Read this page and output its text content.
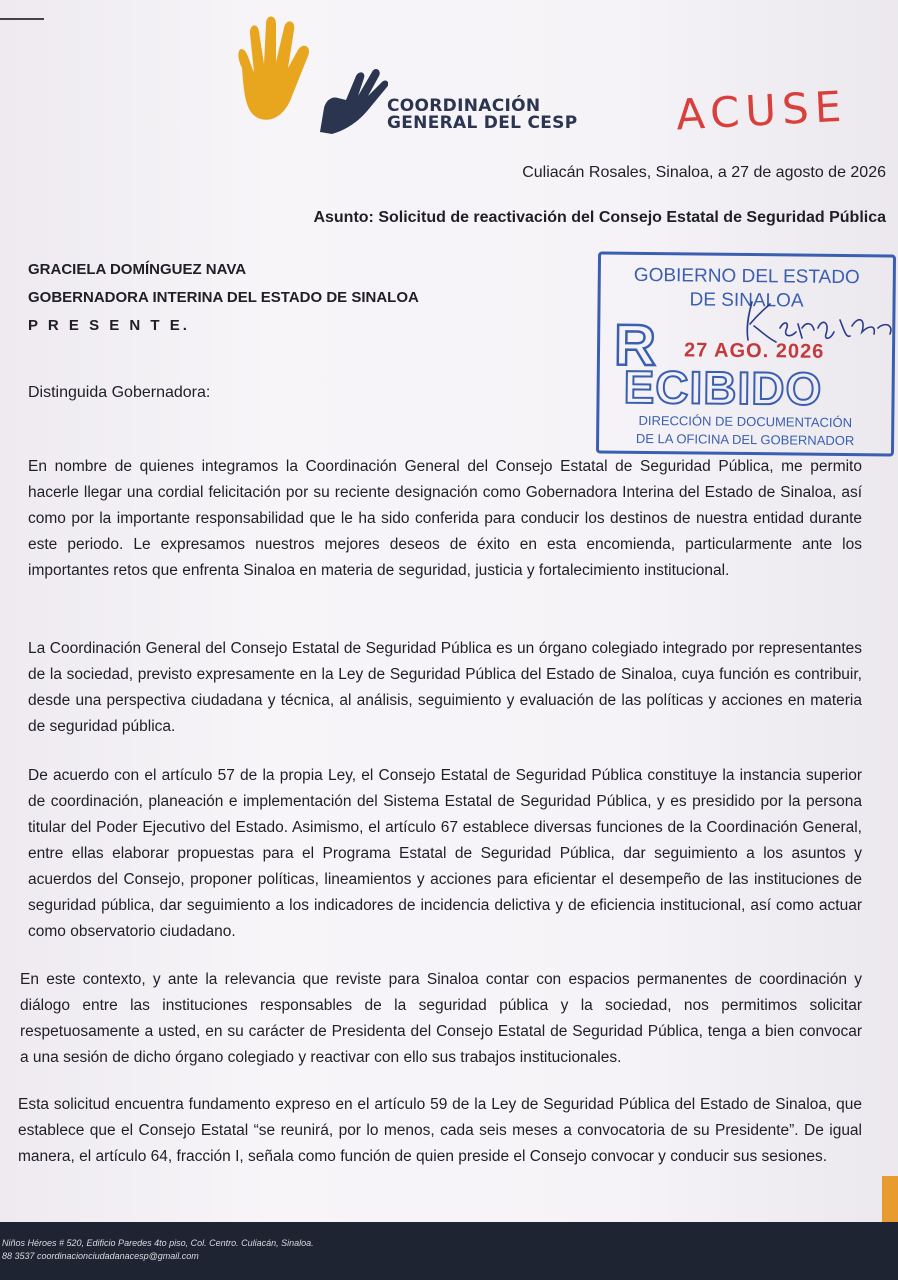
COORDINACIÓN
GENERAL DEL CESP ACUSE
Culiacán Rosales, Sinaloa, a 27 de agosto de 2026
Asunto: Solicitud de reactivación del Consejo Estatal de Seguridad Pública
GRACIELA DOMÍNGUEZ NAVA
GOBERNADORA INTERINA DEL ESTADO DE SINALOA
P R E S E N T E.
GOBIERNO DEL ESTADO
DE SINALOA
R 27 AGO. 2026
ECIBIDO
DIRECCIÓN DE DOCUMENTACIÓN
DE LA OFICINA DEL GOBERNADOR
Distinguida Gobernadora:

En nombre de quienes integramos la Coordinación General del Consejo Estatal de Seguridad Pública, me permito hacerle llegar una cordial felicitación por su reciente designación como Gobernadora Interina del Estado de Sinaloa, así como por la importante responsabilidad que le ha sido conferida para conducir los destinos de nuestra entidad durante este periodo. Le expresamos nuestros mejores deseos de éxito en esta encomienda, particularmente ante los importantes retos que enfrenta Sinaloa en materia de seguridad, justicia y fortalecimiento institucional.

La Coordinación General del Consejo Estatal de Seguridad Pública es un órgano colegiado integrado por representantes de la sociedad, previsto expresamente en la Ley de Seguridad Pública del Estado de Sinaloa, cuya función es contribuir, desde una perspectiva ciudadana y técnica, al análisis, seguimiento y evaluación de las políticas y acciones en materia de seguridad pública.

De acuerdo con el artículo 57 de la propia Ley, el Consejo Estatal de Seguridad Pública constituye la instancia superior de coordinación, planeación e implementación del Sistema Estatal de Seguridad Pública, y es presidido por la persona titular del Poder Ejecutivo del Estado. Asimismo, el artículo 67 establece diversas funciones de la Coordinación General, entre ellas elaborar propuestas para el Programa Estatal de Seguridad Pública, dar seguimiento a los asuntos y acuerdos del Consejo, proponer políticas, lineamientos y acciones para eficientar el desempeño de las instituciones de seguridad pública, dar seguimiento a los indicadores de incidencia delictiva y de eficiencia institucional, así como actuar como observatorio ciudadano.

En este contexto, y ante la relevancia que reviste para Sinaloa contar con espacios permanentes de coordinación y diálogo entre las instituciones responsables de la seguridad pública y la sociedad, nos permitimos solicitar respetuosamente a usted, en su carácter de Presidenta del Consejo Estatal de Seguridad Pública, tenga a bien convocar a una sesión de dicho órgano colegiado y reactivar con ello sus trabajos institucionales.

Esta solicitud encuentra fundamento expreso en el artículo 59 de la Ley de Seguridad Pública del Estado de Sinaloa, que establece que el Consejo Estatal “se reunirá, por lo menos, cada seis meses a convocatoria de su Presidente”. De igual manera, el artículo 64, fracción I, señala como función de quien preside el Consejo convocar y conducir sus sesiones.

Niños Héroes # 520, Edificio Paredes 4to piso, Col. Centro. Culiacán, Sinaloa.
88 3537 coordinacionciudadanacesp@gmail.com
